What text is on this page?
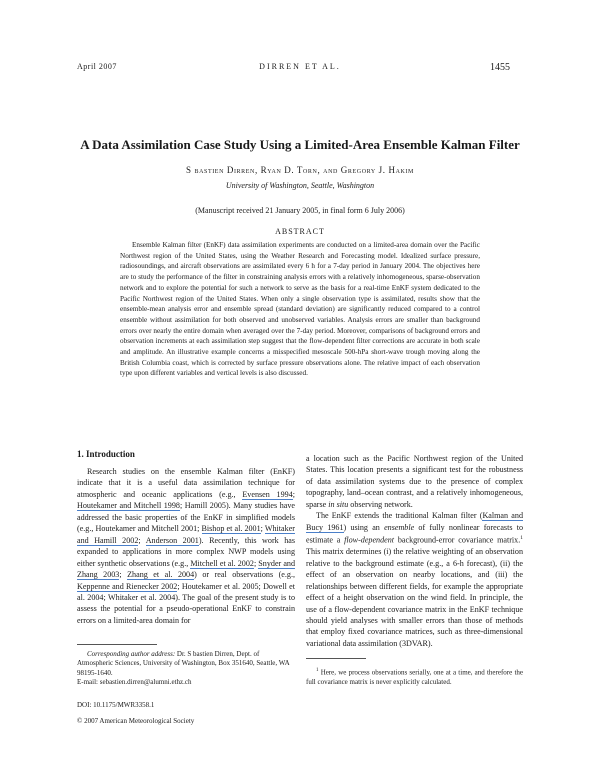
April 2007	DIRREN ET AL.	1455
A Data Assimilation Case Study Using a Limited-Area Ensemble Kalman Filter
S bastien Dirren, Ryan D. Torn, and Gregory J. Hakim
University of Washington, Seattle, Washington
(Manuscript received 21 January 2005, in final form 6 July 2006)
ABSTRACT

Ensemble Kalman filter (EnKF) data assimilation experiments are conducted on a limited-area domain over the Pacific Northwest region of the United States, using the Weather Research and Forecasting model. Idealized surface pressure, radiosoundings, and aircraft observations are assimilated every 6 h for a 7-day period in January 2004. The objectives here are to study the performance of the filter in constraining analysis errors with a relatively inhomogeneous, sparse-observation network and to explore the potential for such a network to serve as the basis for a real-time EnKF system dedicated to the Pacific Northwest region of the United States. When only a single observation type is assimilated, results show that the ensemble-mean analysis error and ensemble spread (standard deviation) are significantly reduced compared to a control ensemble without assimilation for both observed and unobserved variables. Analysis errors are smaller than background errors over nearly the entire domain when averaged over the 7-day period. Moreover, comparisons of background errors and observation increments at each assimilation step suggest that the flow-dependent filter corrections are accurate in both scale and amplitude. An illustrative example concerns a misspecified mesoscale 500-hPa short-wave trough moving along the British Columbia coast, which is corrected by surface pressure observations alone. The relative impact of each observation type upon different variables and vertical levels is also discussed.

1. Introduction

Research studies on the ensemble Kalman filter (EnKF) indicate that it is a useful data assimilation technique for atmospheric and oceanic applications (e.g., Evensen 1994; Houtekamer and Mitchell 1998; Hamill 2005). Many studies have addressed the basic properties of the EnKF in simplified models (e.g., Houtekamer and Mitchell 2001; Bishop et al. 2001; Whitaker and Hamill 2002; Anderson 2001). Recently, this work has expanded to applications in more complex NWP models using either synthetic observations (e.g., Mitchell et al. 2002; Snyder and Zhang 2003; Zhang et al. 2004) or real observations (e.g., Keppenne and Rienecker 2002; Houtekamer et al. 2005; Dowell et al. 2004; Whitaker et al. 2004). The goal of the present study is to assess the potential for a pseudo-operational EnKF to constrain errors on a limited-area domain for

a location such as the Pacific Northwest region of the United States. This location presents a significant test for the robustness of data assimilation systems due to the presence of complex topography, land–ocean contrast, and a relatively inhomogeneous, sparse in situ observing network.

The EnKF extends the traditional Kalman filter (Kalman and Bucy 1961) using an ensemble of fully nonlinear forecasts to estimate a flow-dependent background-error covariance matrix.$^1$ This matrix determines (i) the relative weighting of an observation relative to the background estimate (e.g., a 6-h forecast), (ii) the effect of an observation on nearby locations, and (iii) the relationships between different fields, for example the appropriate effect of a height observation on the wind field. In principle, the use of a flow-dependent covariance matrix in the EnKF technique should yield analyses with smaller errors than those of methods that employ fixed covariance matrices, such as three-dimensional variational data assimilation (3DVAR).

Corresponding author address: Dr. S bastien Dirren, Dept. of Atmospheric Sciences, University of Washington, Box 351640, Seattle, WA 98195-1640.
E-mail: sebastien.dirren@alumni.ethz.ch

$^1$ Here, we process observations serially, one at a time, and therefore the full covariance matrix is never explicitly calculated.

DOI: 10.1175/MWR3358.1
© 2007 American Meteorological Society
